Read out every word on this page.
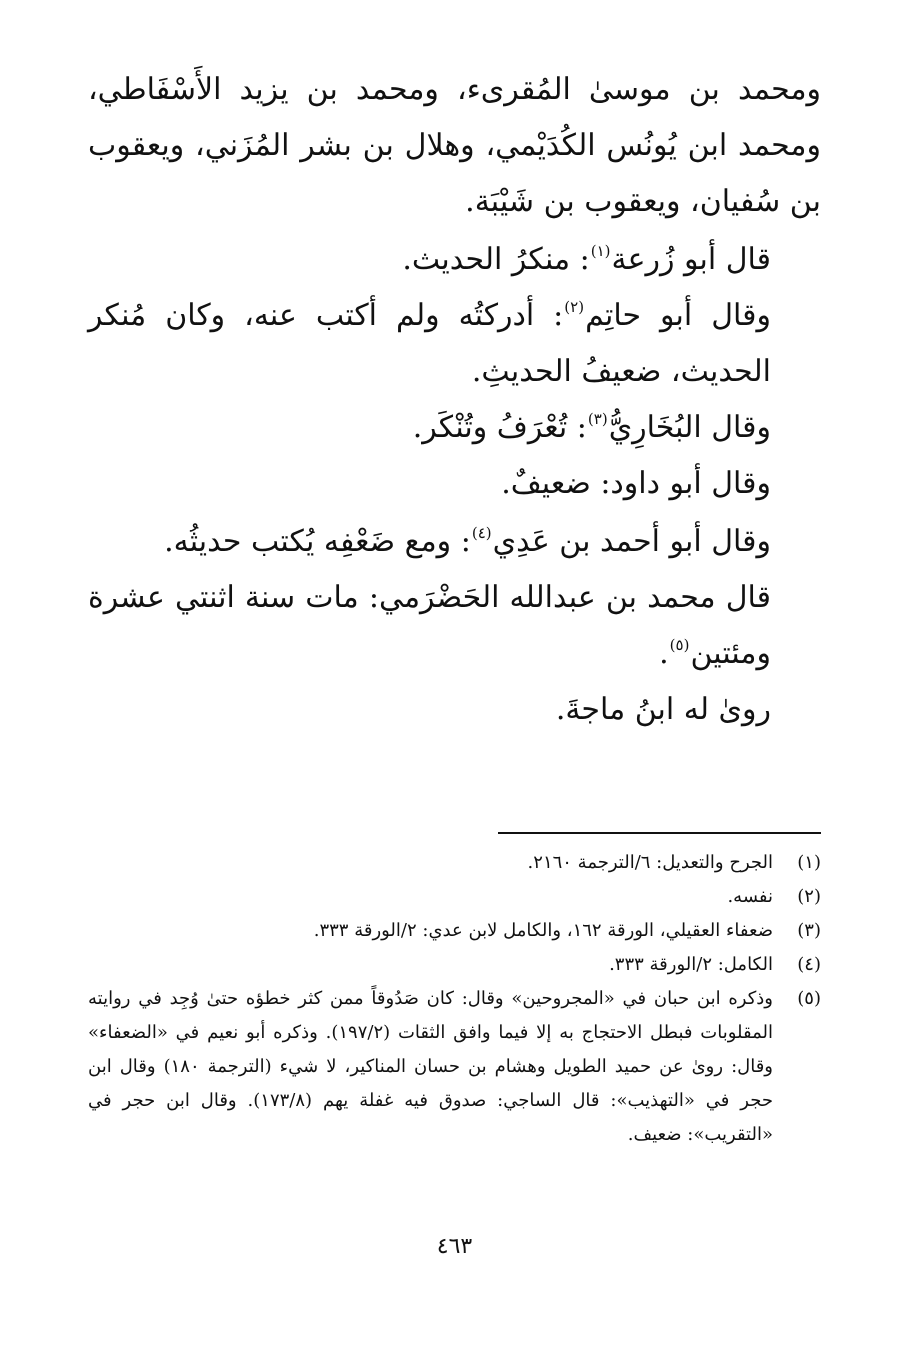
ومحمد بن موسىٰ المُقرىء، ومحمد بن يزيد الأَسْفَاطي، ومحمد ابن يُونُس الكُدَيْمي، وهلال بن بشر المُزَني، ويعقوب بن سُفيان، ويعقوب بن شَيْبَة.

قال أبو زُرعة$^{(١)}$: منكرُ الحديث.

وقال أبو حاتِم$^{(٢)}$: أدركتُه ولم أكتب عنه، وكان مُنكر الحديث، ضعيفُ الحديثِ.

وقال البُخَارِيُّ$^{(٣)}$: تُعْرَفُ وتُنْكَر.

وقال أبو داود: ضعيفٌ.

وقال أبو أحمد بن عَدِي$^{(٤)}$: ومع ضَعْفِه يُكتب حديثُه.

قال محمد بن عبدالله الحَضْرَمي: مات سنة اثنتي عشرة ومئتين$^{(٥)}$.

روىٰ له ابنُ ماجةَ.

(١)
الجرح والتعديل: ٦/الترجمة ٢١٦٠.
(٢)
نفسه.
(٣)
ضعفاء العقيلي، الورقة ١٦٢، والكامل لابن عدي: ٢/الورقة ٣٣٣.
(٤)
الكامل: ٢/الورقة ٣٣٣.
(٥)
وذكره ابن حبان في «المجروحين» وقال: كان صَدُوقاً ممن كثر خطؤه حتىٰ وُجِد في روايته المقلوبات فبطل الاحتجاج به إلا فيما وافق الثقات (١٩٧/٢). وذكره أبو نعيم في «الضعفاء» وقال: روىٰ عن حميد الطويل وهشام بن حسان المناكير، لا شيء (الترجمة ١٨٠) وقال ابن حجر في «التهذيب»: قال الساجي: صدوق فيه غفلة يهم (١٧٣/٨). وقال ابن حجر في «التقريب»: ضعيف.
٤٦٣
